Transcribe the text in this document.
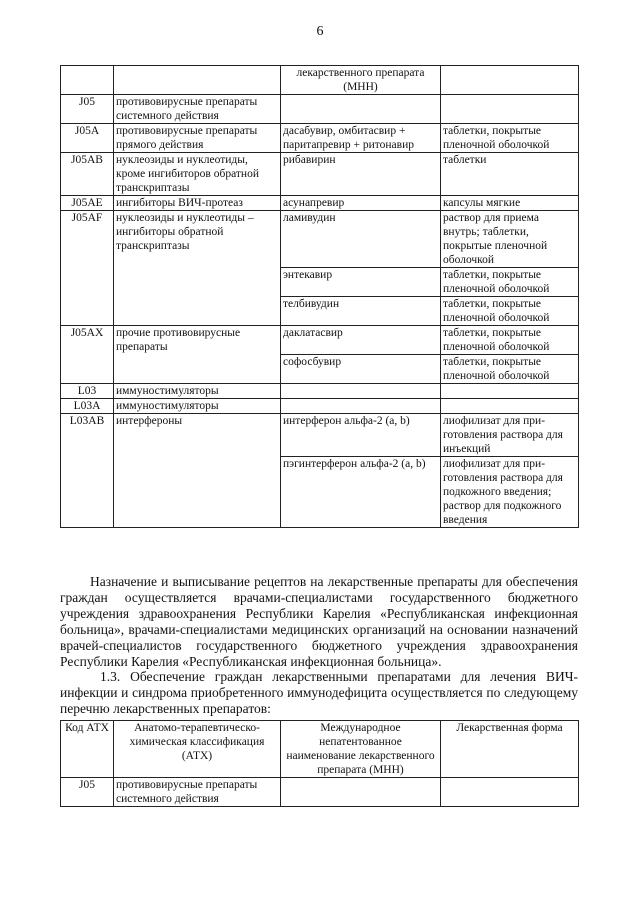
6
		лекарственного препарата (МНН)	
J05	противовирусные препараты системного действия		
J05A	противовирусные препараты прямого действия	дасабувир, омбитасвир + паритапревир + ритонавир	таблетки, покрытые пленочной оболочкой
J05AB	нуклеозиды и нуклеотиды, кроме ингибиторов обратной транскриптазы	рибавирин	таблетки
J05AE	ингибиторы ВИЧ-протеаз	асунапревир	капсулы мягкие
J05AF	нуклеозиды и нуклеотиды – ингибиторы обратной транскриптазы	ламивудин	раствор для приема внутрь; таблетки, покрытые пленочной оболочкой
		энтекавир	таблетки, покрытые пленочной оболочкой
		телбивудин	таблетки, покрытые пленочной оболочкой
J05AX	прочие противовирусные препараты	даклатасвир	таблетки, покрытые пленочной оболочкой
		софосбувир	таблетки, покрытые пленочной оболочкой
L03	иммуностимуляторы		
L03A	иммуностимуляторы		
L03AB	интерфероны	интерферон альфа-2 (a, b)	лиофилизат для при-готовления раствора для инъекций
		пэгинтерферон альфа-2 (a, b)	лиофилизат для при-готовления раствора для подкожного введения; раствор для подкожного введения

Назначение и выписывание рецептов на лекарственные препараты для обеспечения граждан осуществляется врачами-специалистами государственного бюджетного учреждения здравоохранения Республики Карелия «Республиканская инфекционная больница», врачами-специалистами медицинских организаций на основании назначений врачей-специалистов государственного бюджетного учреждения здравоохранения Республики Карелия «Республиканская инфекционная больница».

1.3. Обеспечение граждан лекарственными препаратами для лечения ВИЧ-инфекции и синдрома приобретенного иммунодефицита осуществляется по следующему перечню лекарственных препаратов:

Код АТХ	Анатомо-терапевтическо-химическая классификация (АТХ)	Международное непатентованное наименование лекарственного препарата (МНН)	Лекарственная форма
J05	противовирусные препараты системного действия		
